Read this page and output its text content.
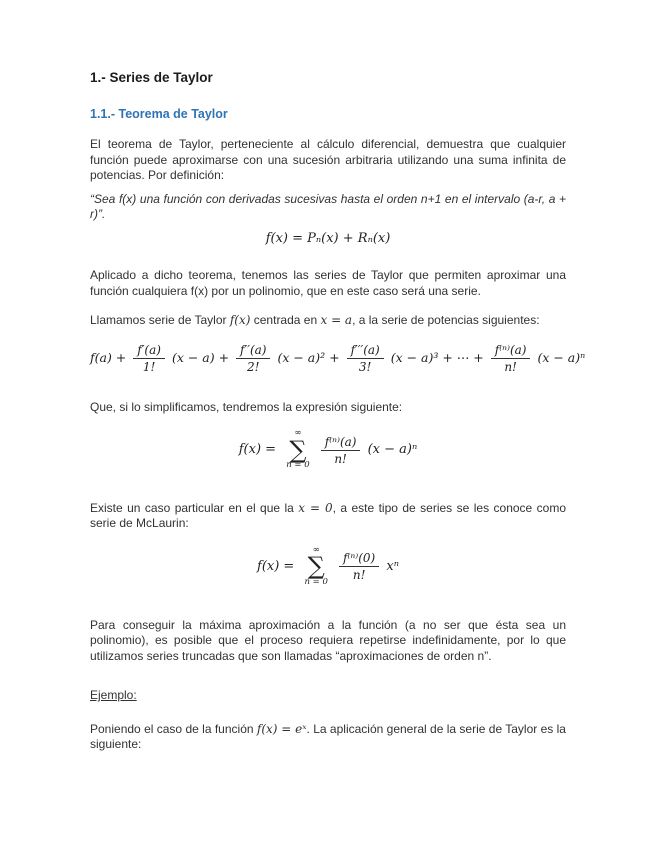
1.- Series de Taylor
1.1.- Teorema de Taylor

El teorema de Taylor, perteneciente al cálculo diferencial, demuestra que cualquier función puede aproximarse con una sucesión arbitraria utilizando una suma infinita de potencias. Por definición:

“Sea f(x) una función con derivadas sucesivas hasta el orden n+1 en el intervalo (a-r, a + r)”.

f(x) = Pₙ(x) + Rₙ(x)

Aplicado a dicho teorema, tenemos las series de Taylor que permiten aproximar una función cualquiera f(x) por un polinomio, que en este caso será una serie.

Llamamos serie de Taylor f(x) centrada en x = a, a la serie de potencias siguientes:

$f(a) + \frac{f'(a)}{1!} (x - a) + \frac{f''(a)}{2!} (x - a)^2 + \frac{f'''(a)}{3!} (x - a)^3$ + ⋯ + $\frac{\text{f⁽ⁿ⁾(a)}}{n!} (x - a)^n$

Que, si lo simplificamos, tendremos la expresión siguiente:

f(x) =
∞
∑
n = 0
$\frac{\text{f⁽ⁿ⁾(a)}}{n!} (x - a)^n$

Existe un caso particular en el que la x = 0, a este tipo de series se les conoce como serie de McLaurin:

f(x) =
∞
∑
n = 0
$\frac{\text{f⁽ⁿ⁾(0)}}{n!}$ xⁿ

Para conseguir la máxima aproximación a la función (a no ser que ésta sea un polinomio), es posible que el proceso requiera repetirse indefinidamente, por lo que utilizamos series truncadas que son llamadas “aproximaciones de orden n”.

Ejemplo:

Poniendo el caso de la función f(x) = eˣ. La aplicación general de la serie de Taylor es la siguiente:
